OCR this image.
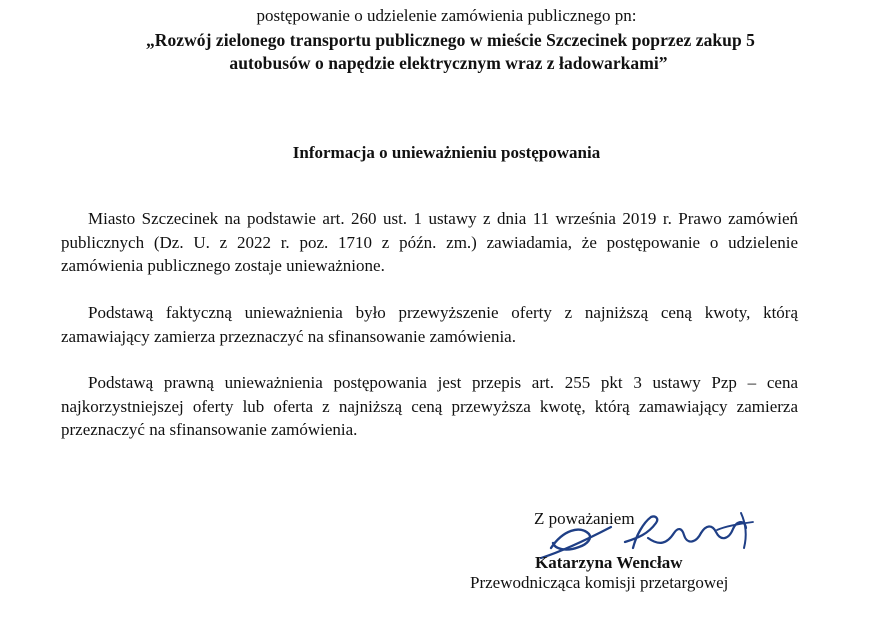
postępowanie o udzielenie zamówienia publicznego pn:
„Rozwój zielonego transportu publicznego w mieście Szczecinek poprzez zakup 5
autobusów o napędzie elektrycznym wraz z ładowarkami”
Informacja o unieważnieniu postępowania
Miasto Szczecinek na podstawie art. 260 ust. 1 ustawy z dnia 11 września 2019 r. Prawo zamówień publicznych (Dz. U. z 2022 r. poz. 1710 z późn. zm.) zawiadamia, że postępowanie o udzielenie zamówienia publicznego zostaje unieważnione.
Podstawą faktyczną unieważnienia było przewyższenie oferty z najniższą ceną kwoty, którą zamawiający zamierza przeznaczyć na sfinansowanie zamówienia.
Podstawą prawną unieważnienia postępowania jest przepis art. 255 pkt 3 ustawy Pzp – cena najkorzystniejszej oferty lub oferta z najniższą ceną przewyższa kwotę, którą zamawiający zamierza przeznaczyć na sfinansowanie zamówienia.
Z poważaniem
Katarzyna Wencław
Przewodnicząca komisji przetargowej
